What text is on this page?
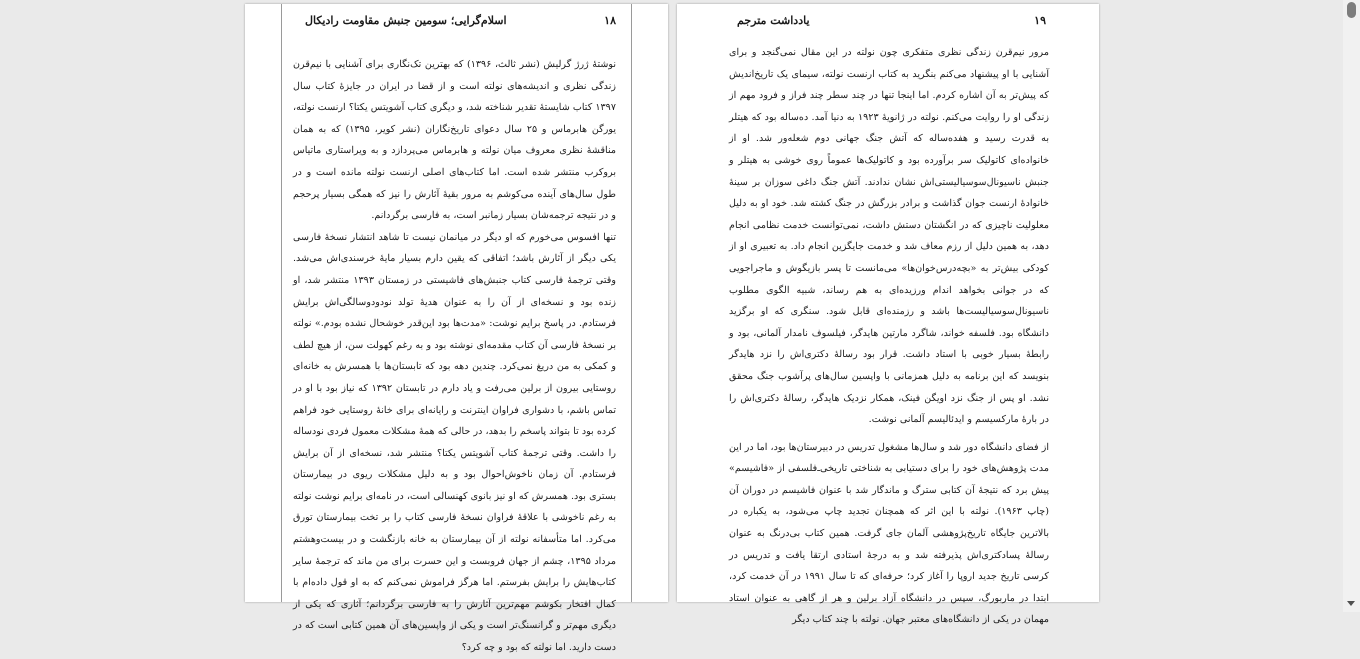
۱۸
اسلام‌گرایی؛ سومین جنبش مقاومت رادیکال

نوشتهٔ ژرژ گرلیش (نشر ثالث، ۱۳۹۶) که بهترین تک‌نگاری برای آشنایی با نیم‌قرن زندگی نظری و اندیشه‌های نولته است و از قضا در ایران در جایزهٔ کتاب سال ۱۳۹۷ کتاب شایستهٔ تقدیر شناخته شد، و دیگری کتاب آشویتس یکتا؟ ارنست نولته، یورگن هابرماس و ۲۵ سال دعوای تاریخ‌نگاران (نشر کویر، ۱۳۹۵) که به همان مناقشهٔ نظری معروف میان نولته و هابرماس می‌پردازد و به ویراستاری ماتیاس بروکرب منتشر شده است. اما کتاب‌های اصلی ارنست نولته مانده است و در طول سال‌های آینده می‌کوشم به مرور بقیهٔ آثارش را نیز که همگی بسیار پرحجم و در نتیجه ترجمه‌شان بسیار زمانبر است، به فارسی برگردانم.

تنها افسوس می‌خورم که او دیگر در میانمان نیست تا شاهد انتشار نسخهٔ فارسی یکی دیگر از آثارش باشد؛ اتفاقی که یقین دارم بسیار مایهٔ خرسندی‌اش می‌شد. وقتی ترجمهٔ فارسی کتاب جنبش‌های فاشیستی در زمستان ۱۳۹۳ منتشر شد، او زنده بود و نسخه‌ای از آن را به عنوان هدیهٔ تولد نودودوسالگی‌اش برایش فرستادم. در پاسخ برایم نوشت: «مدت‌ها بود این‌قدر خوشحال نشده بودم.» نولته بر نسخهٔ فارسی آن کتاب مقدمه‌ای نوشته بود و به رغم کهولت سن، از هیچ لطف و کمکی به من دریغ نمی‌کرد. چندین دهه بود که تابستان‌ها با همسرش به خانه‌ای روستایی بیرون از برلین می‌رفت و یاد دارم در تابستان ۱۳۹۲ که نیاز بود با او در تماس باشم، با دشواری فراوان اینترنت و رایانه‌ای برای خانهٔ روستایی خود فراهم کرده بود تا بتواند پاسخم را بدهد، در حالی که همهٔ مشکلات معمول فردی نودساله را داشت. وقتی ترجمهٔ کتاب آشویتس یکتا؟ منتشر شد، نسخه‌ای از آن برایش فرستادم. آن زمان ناخوش‌احوال بود و به دلیل مشکلات ریوی در بیمارستان بستری بود. همسرش که او نیز بانوی کهنسالی است، در نامه‌ای برایم نوشت نولته به رغم ناخوشی با علاقهٔ فراوان نسخهٔ فارسی کتاب را بر تخت بیمارستان تورق می‌کرد. اما متأسفانه نولته از آن بیمارستان به خانه بازنگشت و در بیست‌وهشتم مرداد ۱۳۹۵، چشم از جهان فروبست و این حسرت برای من ماند که ترجمهٔ سایر کتاب‌هایش را برایش بفرستم. اما هرگز فراموش نمی‌کنم که به او قول داده‌ام با کمال افتخار بکوشم مهم‌ترین آثارش را به فارسی برگردانم؛ آثاری که یکی از دیگری مهم‌تر و گرانسنگ‌تر است و یکی از واپسین‌های آن همین کتابی است که در دست دارید. اما نولته که بود و چه کرد؟

۱۹
یادداشت مترجم

مرور نیم‌قرن زندگی نظری متفکری چون نولته در این مقال نمی‌گنجد و برای آشنایی با او پیشنهاد می‌کنم بنگرید به کتاب ارنست نولته، سیمای یک تاریخ‌اندیش که پیش‌تر به آن اشاره کردم. اما اینجا تنها در چند سطر چند فراز و فرود مهم از زندگی او را روایت می‌کنم. نولته در ژانویهٔ ۱۹۲۳ به دنیا آمد. ده‌ساله بود که هیتلر به قدرت رسید و هفده‌ساله که آتش جنگ جهانی دوم شعله‌ور شد. او از خانواده‌ای کاتولیک سر برآورده بود و کاتولیک‌ها عموماً روی خوشی به هیتلر و جنبش ناسیونال‌سوسیالیستی‌اش نشان ندادند. آتش جنگ داغی سوزان بر سینهٔ خانوادهٔ ارنست جوان گذاشت و برادر بزرگش در جنگ کشته شد. خود او به دلیل معلولیت ناچیزی که در انگشتان دستش داشت، نمی‌توانست خدمت نظامی انجام دهد، به همین دلیل از رزم معاف شد و خدمت جایگزین انجام داد. به تعبیری او از کودکی بیش‌تر به «بچه‌درس‌خوان‌ها» می‌مانست تا پسر بازیگوش و ماجراجویی که در جوانی بخواهد اندام ورزیده‌ای به هم رساند، شبیه الگوی مطلوب ناسیونال‌سوسیالیست‌ها باشد و رزمنده‌ای قابل شود. سنگری که او برگزید دانشگاه بود. فلسفه خواند، شاگرد مارتین هایدگر، فیلسوف نامدار آلمانی، بود و رابطهٔ بسیار خوبی با استاد داشت. قرار بود رسالهٔ دکتری‌اش را نزد هایدگر بنویسد که این برنامه به دلیل همزمانی با واپسین سال‌های پرآشوب جنگ محقق نشد. او پس از جنگ نزد اویگن فینک، همکار نزدیک هایدگر، رسالهٔ دکتری‌اش را در بارهٔ مارکسیسم و ایدئالیسم آلمانی نوشت.

از فضای دانشگاه دور شد و سال‌ها مشغول تدریس در دبیرستان‌ها بود، اما در این مدت پژوهش‌های خود را برای دستیابی به شناختی تاریخی‌ـ‌فلسفی از «فاشیسم» پیش برد که نتیجهٔ آن کتابی سترگ و ماندگار شد با عنوان فاشیسم در دوران آن (چاپ ۱۹۶۳). نولته با این اثر که همچنان تجدید چاپ می‌شود، به یکباره در بالاترین جایگاه تاریخ‌پژوهشی آلمان جای گرفت. همین کتاب بی‌درنگ به عنوان رسالهٔ پسادکتری‌اش پذیرفته شد و به درجهٔ استادی ارتقا یافت و تدریس در کرسی تاریخ جدید اروپا را آغاز کرد؛ حرفه‌ای که تا سال ۱۹۹۱ در آن خدمت کرد، ابتدا در ماربورگ، سپس در دانشگاه آزاد برلین و هر از گاهی به عنوان استاد مهمان در یکی از دانشگاه‌های معتبر جهان. نولته با چند کتاب دیگر
